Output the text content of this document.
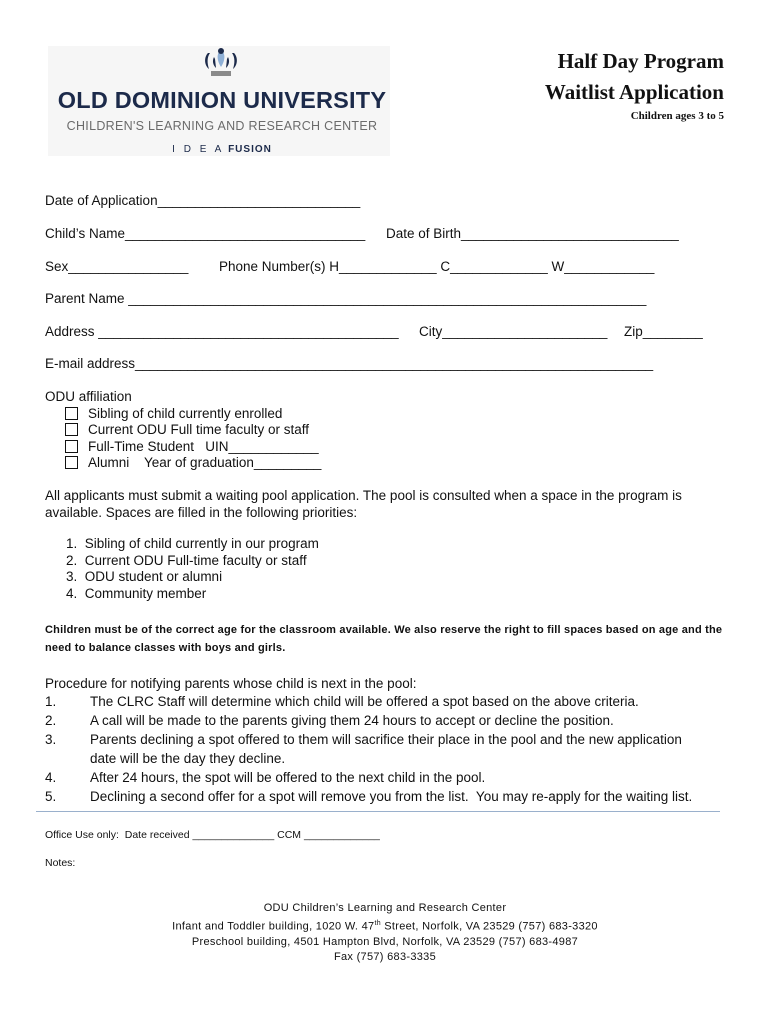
OLD DOMINION UNIVERSITY
CHILDREN'S LEARNING AND RESEARCH CENTER
I D E A FUSION
Half Day Program
Waitlist Application
Children ages 3 to 5
Date of Application___________________________
Child’s Name________________________________ Date of Birth_____________________________
Sex________________ Phone Number(s) H_____________ C_____________ W____________
Parent Name _____________________________________________________________________
Address ________________________________________ City______________________ Zip________
E-mail address_____________________________________________________________________
ODU affiliation
Sibling of child currently enrolled
Current ODU Full time faculty or staff
Full-Time Student   UIN____________
Alumni    Year of graduation_________
All applicants must submit a waiting pool application. The pool is consulted when a space in the program is available. Spaces are filled in the following priorities:
1.  Sibling of child currently in our program
2.  Current ODU Full-time faculty or staff
3.  ODU student or alumni
4.  Community member
Children must be of the correct age for the classroom available. We also reserve the right to fill spaces based on age and the need to balance classes with boys and girls.
Procedure for notifying parents whose child is next in the pool:
1. The CLRC Staff will determine which child will be offered a spot based on the above criteria.
2. A call will be made to the parents giving them 24 hours to accept or decline the position.
3. Parents declining a spot offered to them will sacrifice their place in the pool and the new application
date will be the day they decline.
4. After 24 hours, the spot will be offered to the next child in the pool.
5. Declining a second offer for a spot will remove you from the list.  You may re-apply for the waiting list.
Office Use only:  Date received ______________ CCM _____________
Notes:
ODU Children’s Learning and Research Center
Infant and Toddler building, 1020 W. 47th Street, Norfolk, VA 23529 (757) 683-3320
Preschool building, 4501 Hampton Blvd, Norfolk, VA 23529 (757) 683-4987
Fax (757) 683-3335
